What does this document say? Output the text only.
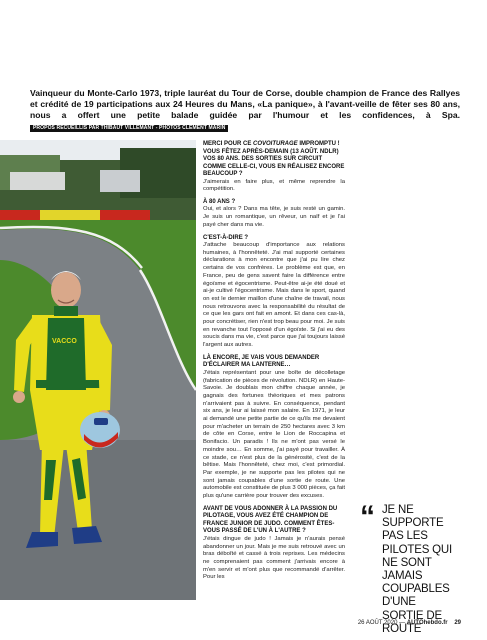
Vainqueur du Monte-Carlo 1973, triple lauréat du Tour de Corse, double champion de France des Rallyes et crédité de 19 participations aux 24 Heures du Mans, «La panique», à l'avant-veille de fêter ses 80 ans, nous a offert une petite balade guidée par l'humour et les confidences, à Spa. PROPOS RECUEILLIS PAR THIBAUT VILLEMANT - PHOTOS CLÉMENT MARIN
VACCO

MERCI POUR CE COVOITURAGE IMPROMPTU ! VOUS FÊTEZ APRÈS-DEMAIN (13 AOÛT. NDLR) VOS 80 ANS. DES SORTIES SUR CIRCUIT COMME CELLE-CI, VOUS EN RÉALISEZ ENCORE BEAUCOUP ?

J'aimerais en faire plus, et même reprendre la compétition.

À 80 ANS ?

Oui, et alors ? Dans ma tête, je suis resté un gamin. Je suis un romantique, un rêveur, un naïf et je l'ai payé cher dans ma vie.

C'EST-À-DIRE ?

J'attache beaucoup d'importance aux relations humaines, à l'honnêteté. J'ai mal supporté certaines déclarations à mon encontre que j'ai pu lire chez certains de vos confrères. Le problème est que, en France, peu de gens savent faire la différence entre égoïsme et égocentrisme. Peut-être ai-je été doué et ai-je cultivé l'égocentrisme. Mais dans le sport, quand on est le dernier maillon d'une chaîne de travail, nous nous retrouvons avec la responsabilité du résultat de ce que les gars ont fait en amont. Et dans ces cas-là, pour concrétiser, rien n'est trop beau pour moi. Je suis en revanche tout l'opposé d'un égoïste. Si j'ai eu des soucis dans ma vie, c'est parce que j'ai toujours laissé l'argent aux autres.

LÀ ENCORE, JE VAIS VOUS DEMANDER D'ÉCLAIRER MA LANTERNE…

J'étais représentant pour une boîte de décolletage (fabrication de pièces de révolution. NDLR) en Haute-Savoie. Je doublais mon chiffre chaque année, je gagnais des fortunes théoriques et mes patrons n'arrivaient pas à suivre. En conséquence, pendant six ans, je leur ai laissé mon salaire. En 1971, je leur ai demandé une petite partie de ce qu'ils me devaient pour m'acheter un terrain de 250 hectares avec 3 km de côte en Corse, entre le Lion de Roccapina et Bonifacio. Un paradis ! Ils ne m'ont pas versé le moindre sou… En somme, j'ai payé pour travailler. À ce stade, ce n'est plus de la générosité, c'est de la bêtise. Mais l'honnêteté, chez moi, c'est primordial. Par exemple, je ne supporte pas les pilotes qui ne sont jamais coupables d'une sortie de route. Une automobile est constituée de plus 3 000 pièces, ça fait plus qu'une carrière pour trouver des excuses.

AVANT DE VOUS ADONNER À LA PASSION DU PILOTAGE, VOUS AVEZ ÉTÉ CHAMPION DE FRANCE JUNIOR DE JUDO. COMMENT ÊTES-VOUS PASSÉ DE L'UN À L'AUTRE ?

J'étais dingue de judo ! Jamais je n'aurais pensé abandonner un jour. Mais je me suis retrouvé avec un bras déboîté et cassé à trois reprises. Les médecins ne comprenaient pas comment j'arrivais encore à m'en servir et m'ont plus que recommandé d'arrêter. Pour les

“ JE NE SUPPORTE PAS LES PILOTES QUI NE SONT JAMAIS COUPABLES D'UNE SORTIE DE ROUTE
26 AOÛT 2020 — AUTOhebdo.fr 29
